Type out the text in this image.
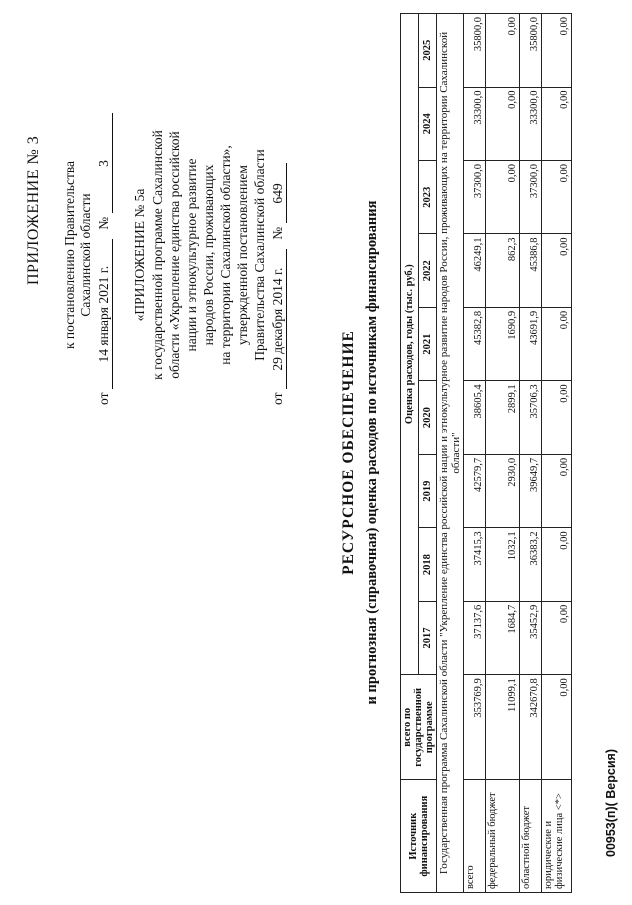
ПРИЛОЖЕНИЕ № 3 к постановлению Правительства Сахалинской области
от 14 января 2021 г. № 3
«ПРИЛОЖЕНИЕ № 5а к государственной программе Сахалинской области «Укрепление единства российской нации и этнокультурное развитие народов России, проживающих на территории Сахалинской области», утвержденной постановлением Правительства Сахалинской области
от 29 декабря 2014 г. № 649
РЕСУРСНОЕ ОБЕСПЕЧЕНИЕ и прогнозная (справочная) оценка расходов по источникам финансирования
Источник финансирования	всего по государственной программе	Оценка расходов, годы (тыс. руб.)								
		2017	2018	2019	2020	2021	2022	2023	2024	2025
Государственная программа Сахалинской области "Укрепление единства российской нации и этнокультурное развитие народов России, проживающих на территории Сахалинской области"										
всего	353769,9	37137,6	37415,3	42579,7	38605,4	45382,8	46249,1	37300,0	33300,0	35800,0
федеральный бюджет	11099,1	1684,7	1032,1	2930,0	2899,1	1690,9	862,3	0,00	0,00	0,00
областной бюджет	342670,8	35452,9	36383,2	39649,7	35706,3	43691,9	45386,8	37300,0	33300,0	35800,0
юридические и физические лица <*>	0,00	0,00	0,00	0,00	0,00	0,00	0,00	0,00	0,00	0,00
00953(п)( Версия)
